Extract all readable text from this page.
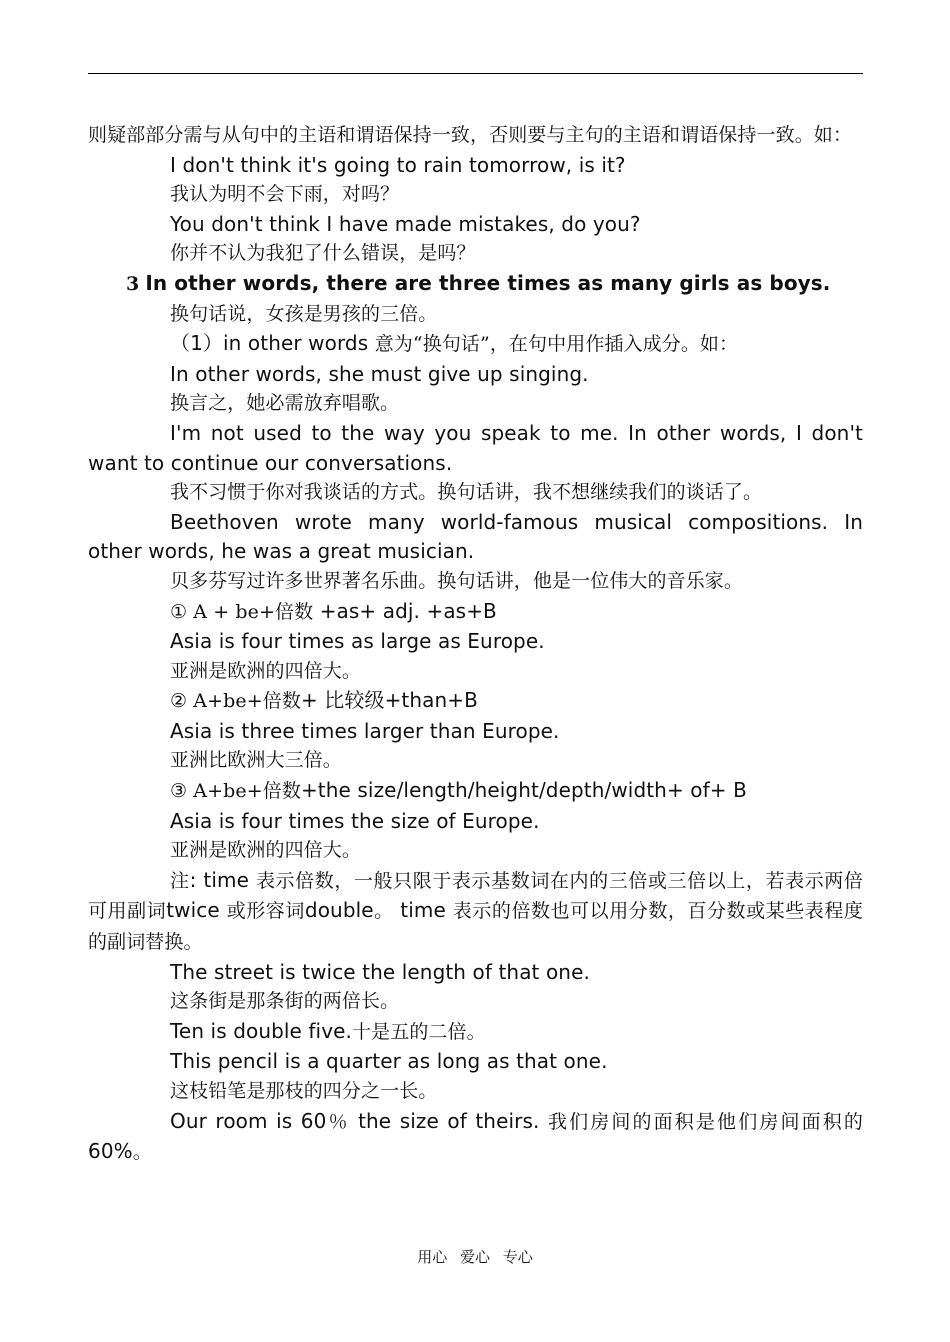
则疑部部分需与从句中的主语和谓语保持一致，否则要与主句的主语和谓语保持一致。如：

I don't think it's going to rain tomorrow, is it?

我认为明不会下雨，对吗？

You don't think I have made mistakes, do you?

你并不认为我犯了什么错误，是吗？

3 In other words, there are three times as many girls as boys.

换句话说，女孩是男孩的三倍。

（1）in other words 意为“换句话”，在句中用作插入成分。如：

In other words, she must give up singing.

换言之，她必需放弃唱歌。

I'm not used to the way you speak to me. In other words, I don't want to continue our conversations.

我不习惯于你对我谈话的方式。换句话讲，我不想继续我们的谈话了。

Beethoven wrote many world-famous musical compositions. In other words, he was a great musician.

贝多芬写过许多世界著名乐曲。换句话讲，他是一位伟大的音乐家。

① A + be+倍数 +as+ adj. +as+B

Asia is four times as large as Europe.

亚洲是欧洲的四倍大。

② A+be+倍数+ 比较级+than+B

Asia is three times larger than Europe.

亚洲比欧洲大三倍。

③ A+be+倍数+the size/length/height/depth/width+ of+ B

Asia is four times the size of Europe.

亚洲是欧洲的四倍大。

注: time 表示倍数，一般只限于表示基数词在内的三倍或三倍以上，若表示两倍可用副词twice 或形容词double。 time 表示的倍数也可以用分数，百分数或某些表程度的副词替换。

The street is twice the length of that one.

这条街是那条街的两倍长。

Ten is double five.十是五的二倍。

This pencil is a quarter as long as that one.

这枝铅笔是那枝的四分之一长。

Our room is 60％ the size of theirs. 我们房间的面积是他们房间面积的60%。

用心 爱心 专心
